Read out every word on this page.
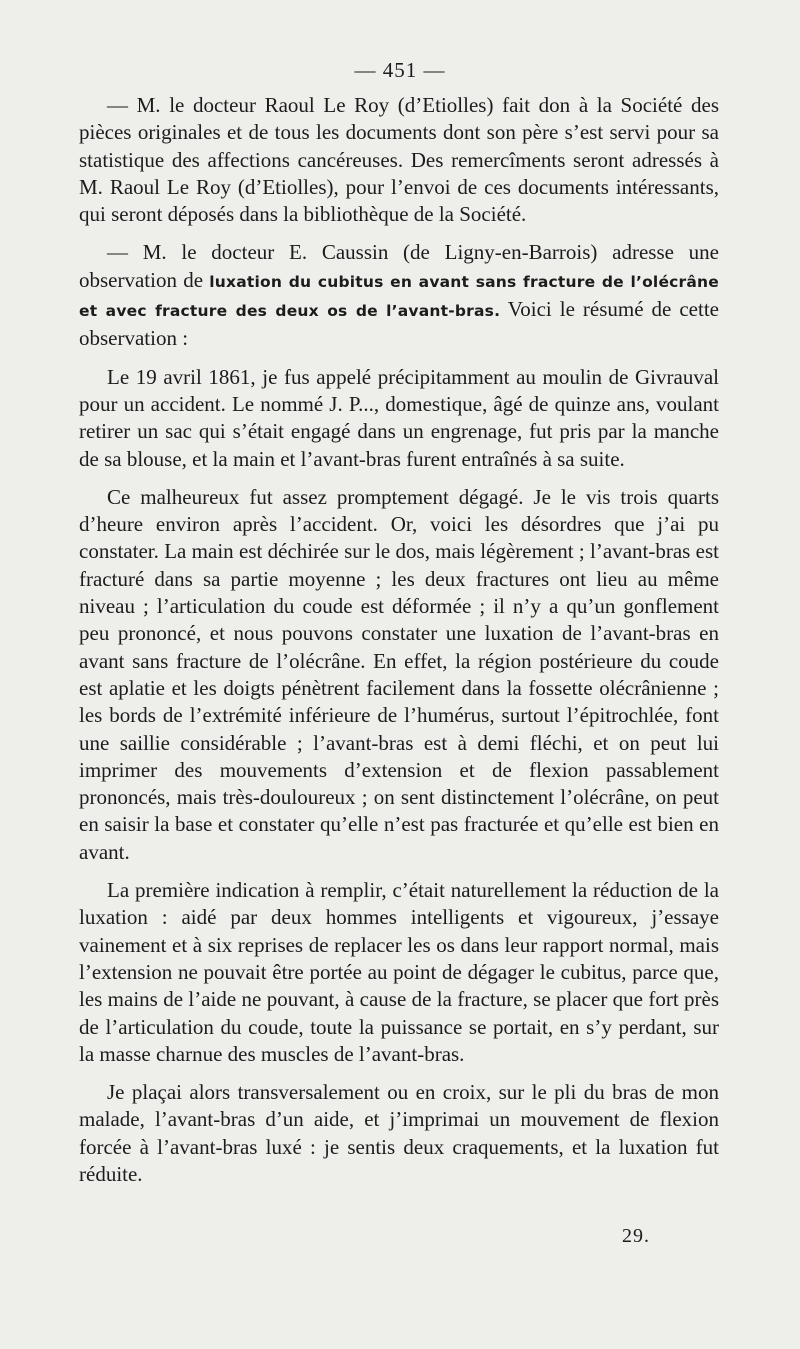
— 451 —

— M. le docteur Raoul Le Roy (d’Etiolles) fait don à la Société des pièces originales et de tous les documents dont son père s’est servi pour sa statistique des affections cancéreuses. Des remercîments seront adressés à M. Raoul Le Roy (d’Etiolles), pour l’envoi de ces documents intéressants, qui seront déposés dans la bibliothèque de la Société.

— M. le docteur E. Caussin (de Ligny-en-Barrois) adresse une observation de luxation du cubitus en avant sans fracture de l’olécrâne et avec fracture des deux os de l’avant-bras. Voici le résumé de cette observation :

Le 19 avril 1861, je fus appelé précipitamment au moulin de Givrauval pour un accident. Le nommé J. P..., domestique, âgé de quinze ans, voulant retirer un sac qui s’était engagé dans un engrenage, fut pris par la manche de sa blouse, et la main et l’avant-bras furent entraînés à sa suite.

Ce malheureux fut assez promptement dégagé. Je le vis trois quarts d’heure environ après l’accident. Or, voici les désordres que j’ai pu constater. La main est déchirée sur le dos, mais légèrement ; l’avant-bras est fracturé dans sa partie moyenne ; les deux fractures ont lieu au même niveau ; l’articulation du coude est déformée ; il n’y a qu’un gonflement peu prononcé, et nous pouvons constater une luxation de l’avant-bras en avant sans fracture de l’olécrâne. En effet, la région postérieure du coude est aplatie et les doigts pénètrent facilement dans la fossette olécrânienne ; les bords de l’extrémité inférieure de l’humérus, surtout l’épitrochlée, font une saillie considérable ; l’avant-bras est à demi fléchi, et on peut lui imprimer des mouvements d’extension et de flexion passablement prononcés, mais très-douloureux ; on sent distinctement l’olécrâne, on peut en saisir la base et constater qu’elle n’est pas fracturée et qu’elle est bien en avant.

La première indication à remplir, c’était naturellement la réduction de la luxation : aidé par deux hommes intelligents et vigoureux, j’essaye vainement et à six reprises de replacer les os dans leur rapport normal, mais l’extension ne pouvait être portée au point de dégager le cubitus, parce que, les mains de l’aide ne pouvant, à cause de la fracture, se placer que fort près de l’articulation du coude, toute la puissance se portait, en s’y perdant, sur la masse charnue des muscles de l’avant-bras.

Je plaçai alors transversalement ou en croix, sur le pli du bras de mon malade, l’avant-bras d’un aide, et j’imprimai un mouvement de flexion forcée à l’avant-bras luxé : je sentis deux craquements, et la luxation fut réduite.

29.
